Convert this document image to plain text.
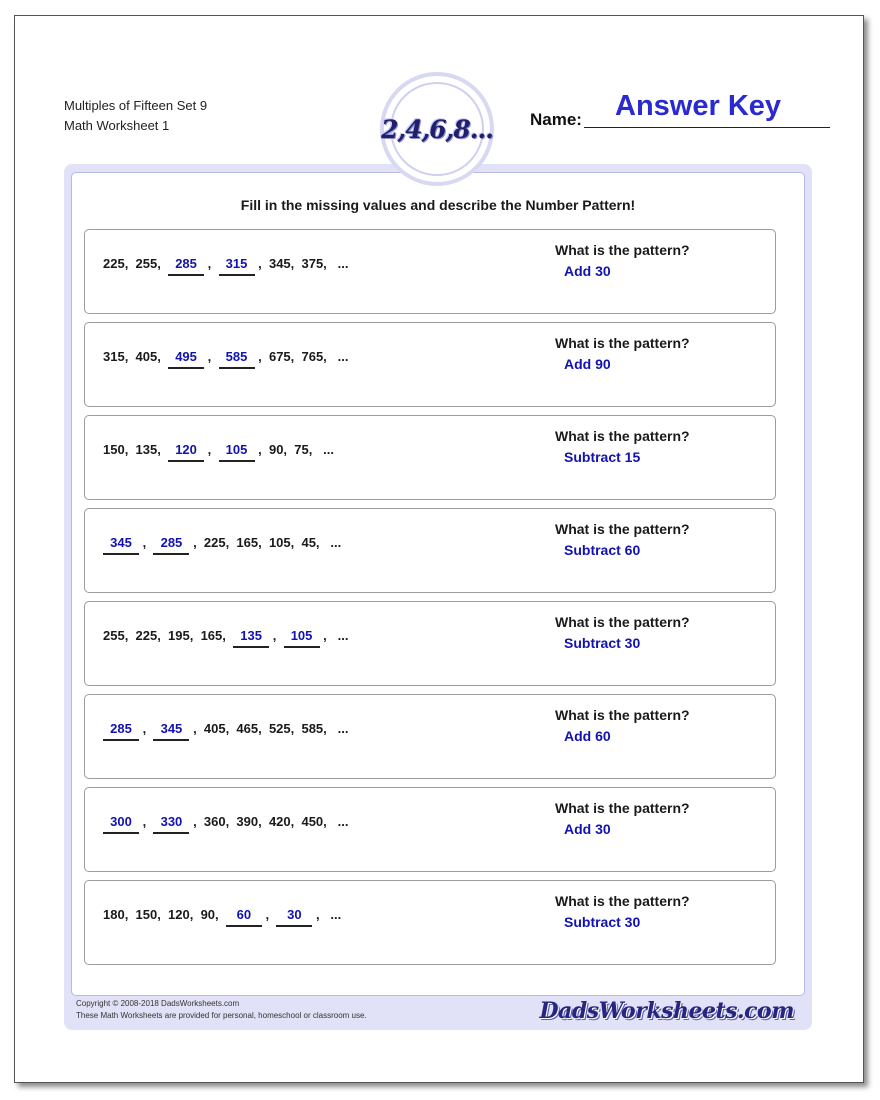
Multiples of Fifteen Set 9
Math Worksheet 1	2,4,6,8... Name: Answer Key
Fill in the missing values and describe the Number Pattern!
225,  255,  285 ,  315 ,  345,  375,   ...
What is the pattern?
Add 30
315,  405,  495 ,  585 ,  675,  765,   ...
What is the pattern?
Add 90
150,  135,  120 ,  105 ,  90,  75,   ...
What is the pattern?
Subtract 15
345 ,  285 ,  225,  165,  105,  45,   ...
What is the pattern?
Subtract 60
255,  225,  195,  165,  135 ,  105 ,   ...
What is the pattern?
Subtract 30
285 ,  345 ,  405,  465,  525,  585,   ...
What is the pattern?
Add 60
300 ,  330 ,  360,  390,  420,  450,   ...
What is the pattern?
Add 30
180,  150,  120,  90,  60 ,  30 ,   ...
What is the pattern?
Subtract 30
Copyright © 2008-2018 DadsWorksheets.com
These Math Worksheets are provided for personal, homeschool or classroom use.	DadsWorksheets.com
